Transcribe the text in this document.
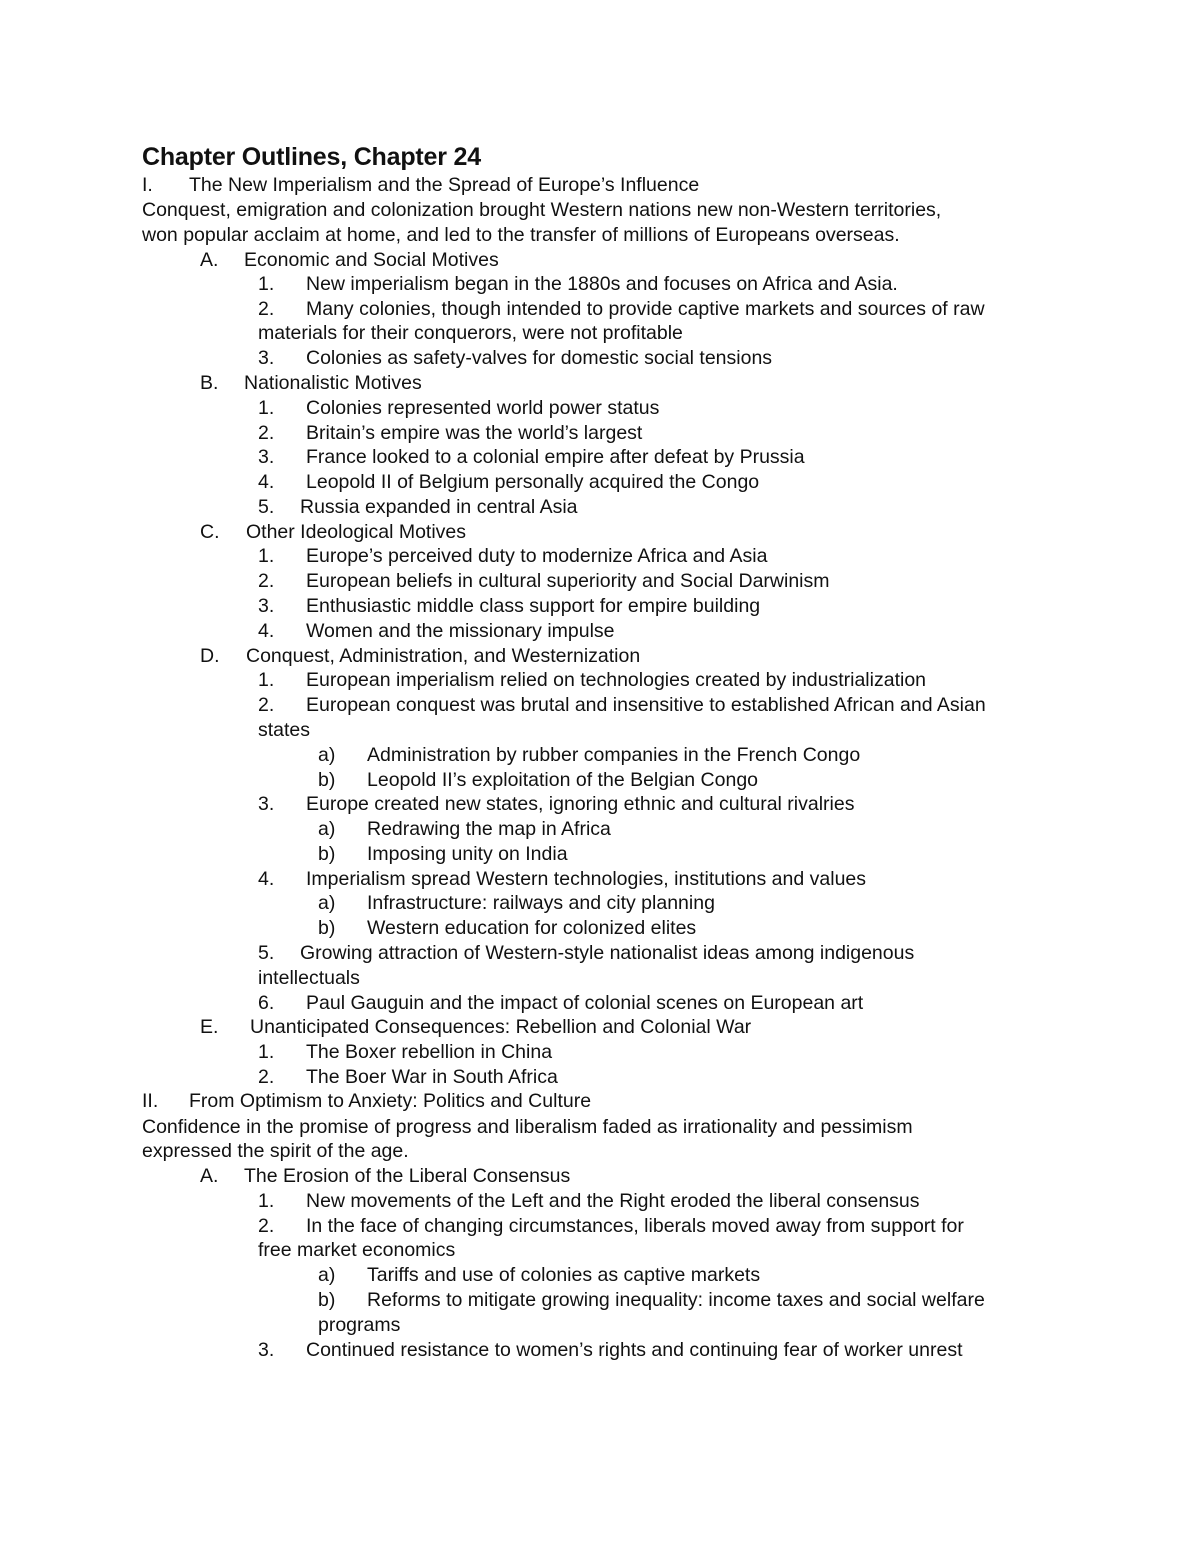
Chapter Outlines, Chapter 24
I. The New Imperialism and the Spread of Europe’s Influence
Conquest, emigration and colonization brought Western nations new non-Western territories,
won popular acclaim at home, and led to the transfer of millions of Europeans overseas.
A. Economic and Social Motives
1. New imperialism began in the 1880s and focuses on Africa and Asia.
2. Many colonies, though intended to provide captive markets and sources of raw
materials for their conquerors, were not profitable
3. Colonies as safety-valves for domestic social tensions
B. Nationalistic Motives
1. Colonies represented world power status
2. Britain’s empire was the world’s largest
3. France looked to a colonial empire after defeat by Prussia
4. Leopold II of Belgium personally acquired the Congo
5. Russia expanded in central Asia
C. Other Ideological Motives
1. Europe’s perceived duty to modernize Africa and Asia
2. European beliefs in cultural superiority and Social Darwinism
3. Enthusiastic middle class support for empire building
4. Women and the missionary impulse
D. Conquest, Administration, and Westernization
1. European imperialism relied on technologies created by industrialization
2. European conquest was brutal and insensitive to established African and Asian
states
a) Administration by rubber companies in the French Congo
b) Leopold II’s exploitation of the Belgian Congo
3. Europe created new states, ignoring ethnic and cultural rivalries
a) Redrawing the map in Africa
b) Imposing unity on India
4. Imperialism spread Western technologies, institutions and values
a) Infrastructure: railways and city planning
b) Western education for colonized elites
5. Growing attraction of Western-style nationalist ideas among indigenous
intellectuals
6. Paul Gauguin and the impact of colonial scenes on European art
E. Unanticipated Consequences: Rebellion and Colonial War
1. The Boxer rebellion in China
2. The Boer War in South Africa
II. From Optimism to Anxiety: Politics and Culture
Confidence in the promise of progress and liberalism faded as irrationality and pessimism
expressed the spirit of the age.
A. The Erosion of the Liberal Consensus
1. New movements of the Left and the Right eroded the liberal consensus
2. In the face of changing circumstances, liberals moved away from support for
free market economics
a) Tariffs and use of colonies as captive markets
b) Reforms to mitigate growing inequality: income taxes and social welfare
programs
3. Continued resistance to women’s rights and continuing fear of worker unrest
